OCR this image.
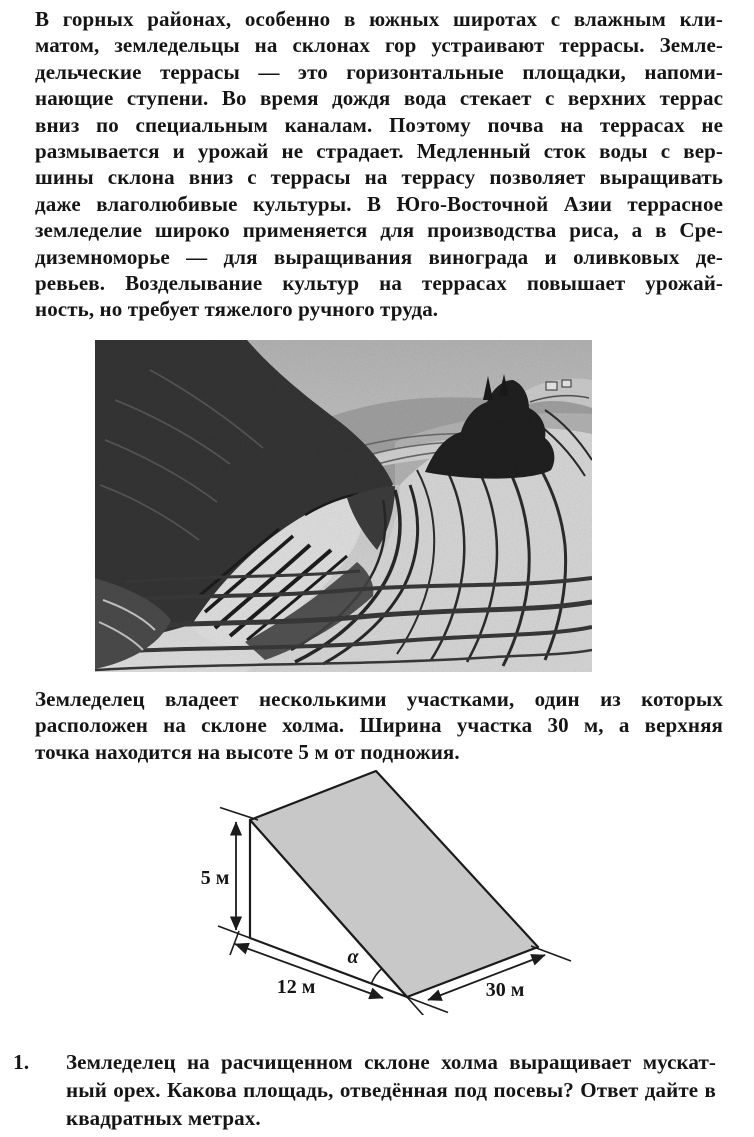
В горных районах, особенно в южных широтах с влажным кли-
матом, земледельцы на склонах гор устраивают террасы. Земле-
дельческие террасы — это горизонтальные площадки, напоми-
нающие ступени. Во время дождя вода стекает с верхних террас
вниз по специальным каналам. Поэтому почва на террасах не
размывается и урожай не страдает. Медленный сток воды с вер-
шины склона вниз с террасы на террасу позволяет выращивать
даже влаголюбивые культуры. В Юго-Восточной Азии террасное
земледелие широко применяется для производства риса, а в Сре-
диземноморье — для выращивания винограда и оливковых де-
ревьев. Возделывание культур на террасах повышает урожай-
ность, но требует тяжелого ручного труда.
Земледелец владеет несколькими участками, один из которых
расположен на склоне холма. Ширина участка 30 м, а верхняя
точка находится на высоте 5 м от подножия.
5 м
12 м	30 м
α
1. Земледелец на расчищенном склоне холма выращивает мускат-
ный орех. Какова площадь, отведённая под посевы? Ответ дайте в
квадратных метрах.
